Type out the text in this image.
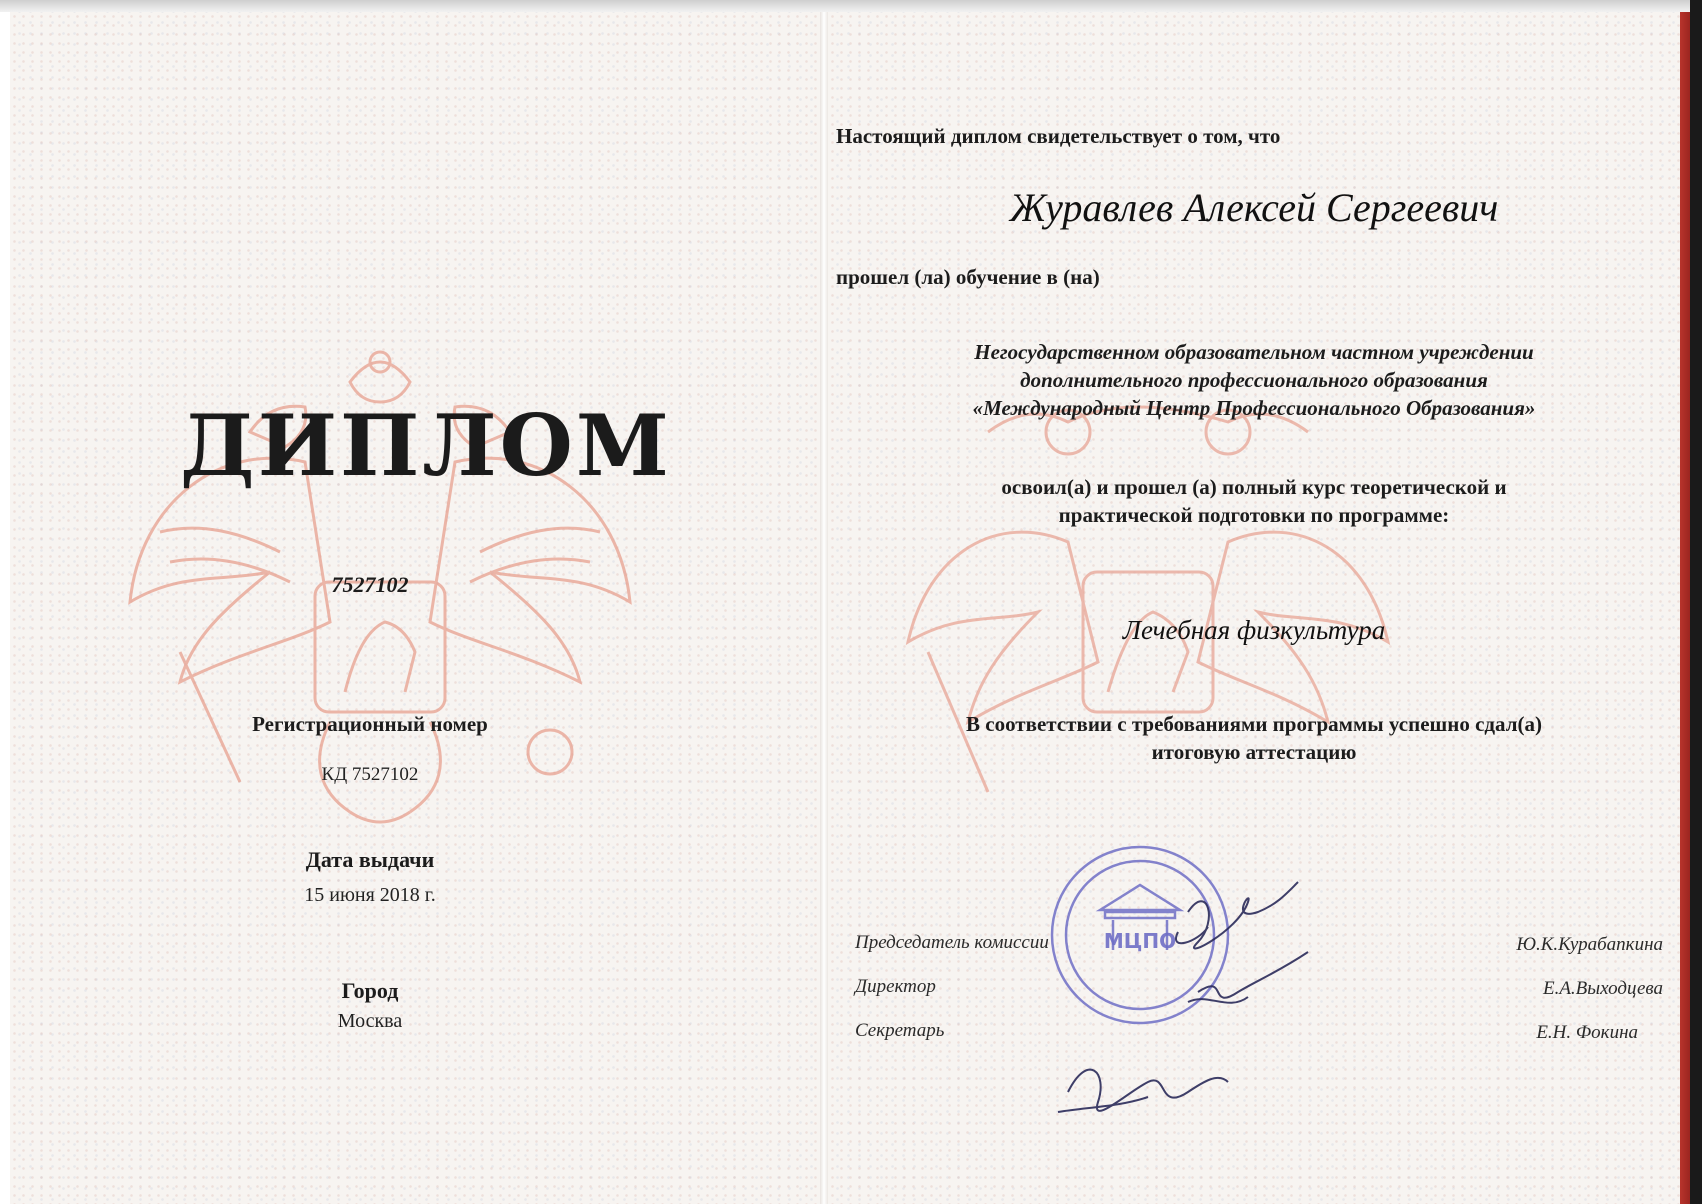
ДИПЛОМ
7527102
Регистрационный номер
КД 7527102
Дата выдачи
15 июня 2018 г.
Город
Москва
Настоящий диплом свидетельствует о том, что
Журавлев Алексей Сергеевич
прошел (ла) обучение в (на)
Негосударственном образовательном частном учреждении
дополнительного профессионального образования
«Международный Центр Профессионального Образования»
освоил(а) и прошел (а) полный курс теоретической и
практической подготовки по программе:
Лечебная физкультура
В соответствии с требованиями программы успешно сдал(а)
итоговую аттестацию
МЦПО
Председатель комиссии	Ю.К.Курабапкина
Директор	Е.А.Выходцева
Секретарь	Е.Н. Фокина
